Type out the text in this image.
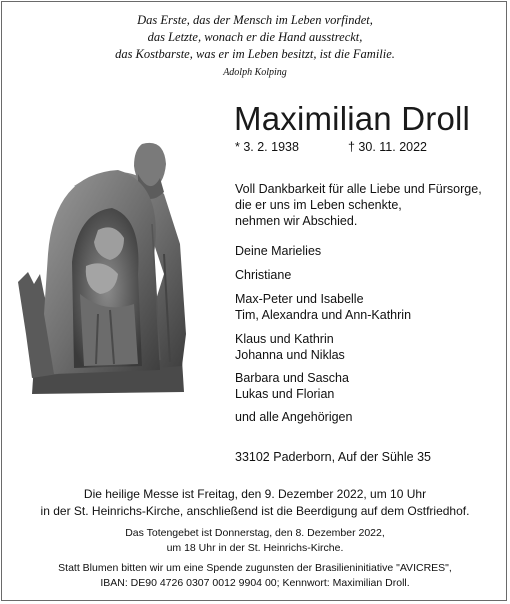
Das Erste, das der Mensch im Leben vorfindet,
das Letzte, wonach er die Hand ausstreckt,
das Kostbarste, was er im Leben besitzt, ist die Familie.
Adolph Kolping
Maximilian Droll
* 3. 2. 1938	† 30. 11. 2022
Voll Dankbarkeit für alle Liebe und Fürsorge,
die er uns im Leben schenkte,
nehmen wir Abschied.
Deine Marielies
Christiane
Max-Peter und Isabelle
Tim, Alexandra und Ann-Kathrin
Klaus und Kathrin
Johanna und Niklas
Barbara und Sascha
Lukas und Florian
und alle Angehörigen
33102 Paderborn, Auf der Sühle 35
Die heilige Messe ist Freitag, den 9. Dezember 2022, um 10 Uhr
in der St. Heinrichs-Kirche, anschließend ist die Beerdigung auf dem Ostfriedhof.
Das Totengebet ist Donnerstag, den 8. Dezember 2022,
um 18 Uhr in der St. Heinrichs-Kirche.
Statt Blumen bitten wir um eine Spende zugunsten der Brasilieninitiative "AVICRES",
IBAN: DE90 4726 0307 0012 9904 00; Kennwort: Maximilian Droll.
